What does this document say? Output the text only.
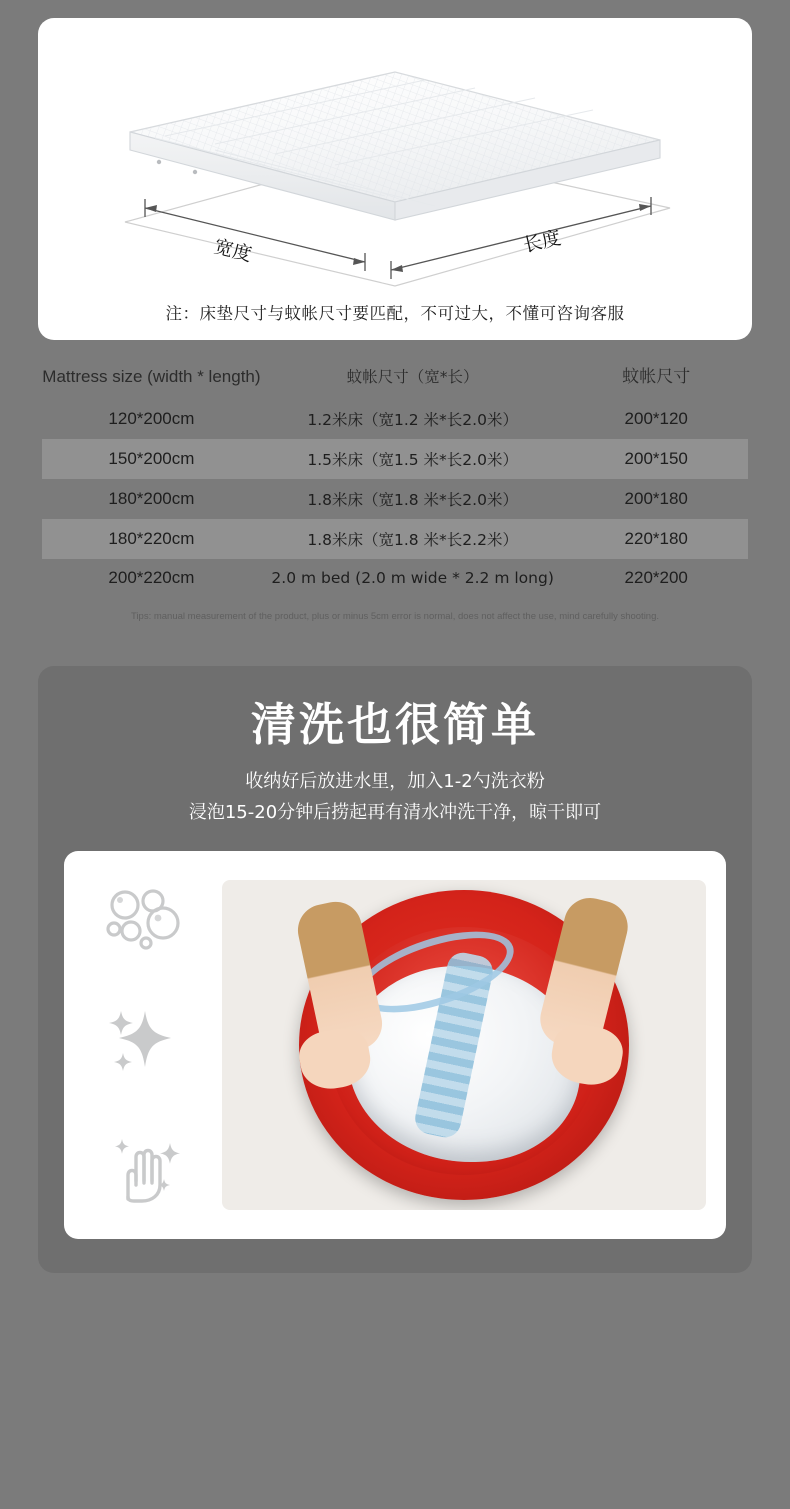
宽度	长度
注：床垫尺寸与蚊帐尺寸要匹配，不可过大，不懂可咨询客服
Mattress size (width * length)	蚊帐尺寸（宽*长）	蚊帐尺寸
120*200cm	1.2米床（宽1.2 米*长2.0米）	200*120
150*200cm	1.5米床（宽1.5 米*长2.0米）	200*150
180*200cm	1.8米床（宽1.8 米*长2.0米）	200*180
180*220cm	1.8米床（宽1.8 米*长2.2米）	220*180
200*220cm	2.0 m bed (2.0 m wide * 2.2 m long)	220*200
Tips: manual measurement of the product, plus or minus 5cm error is normal, does not affect the use, mind carefully shooting.
清洗也很简单
收纳好后放进水里，加入1-2勺洗衣粉
浸泡15-20分钟后捞起再有清水冲洗干净，晾干即可
